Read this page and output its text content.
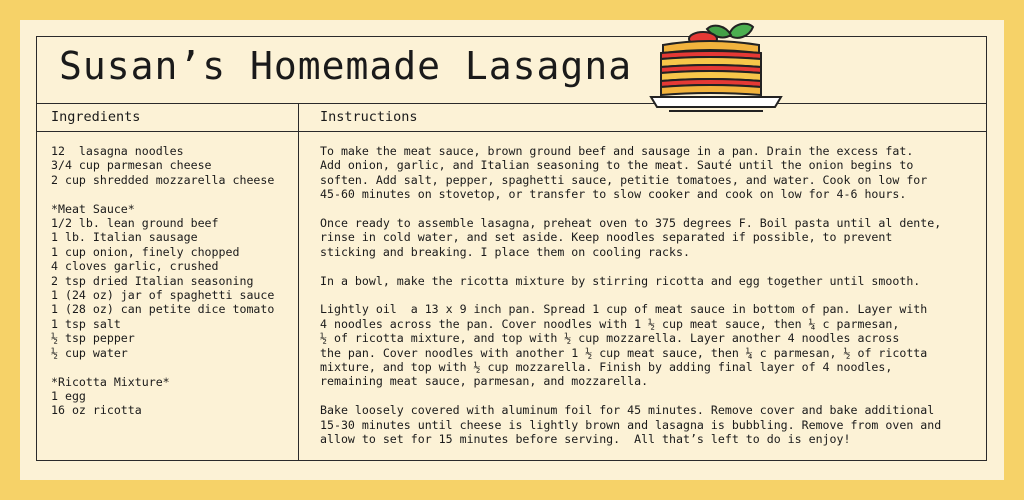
Susan’s Homemade Lasagna
Ingredients	Instructions
12  lasagna noodles
3/4 cup parmesan cheese
2 cup shredded mozzarella cheese

*Meat Sauce*
1/2 lb. lean ground beef
1 lb. Italian sausage
1 cup onion, finely chopped
4 cloves garlic, crushed
2 tsp dried Italian seasoning
1 (24 oz) jar of spaghetti sauce
1 (28 oz) can petite dice tomato
1 tsp salt
½ tsp pepper
½ cup water

*Ricotta Mixture*
1 egg
16 oz ricotta

To make the meat sauce, brown ground beef and sausage in a pan. Drain the excess fat.
Add onion, garlic, and Italian seasoning to the meat. Sauté until the onion begins to
soften. Add salt, pepper, spaghetti sauce, petitie tomatoes, and water. Cook on low for
45-60 minutes on stovetop, or transfer to slow cooker and cook on low for 4-6 hours.

Once ready to assemble lasagna, preheat oven to 375 degrees F. Boil pasta until al dente,
rinse in cold water, and set aside. Keep noodles separated if possible, to prevent
sticking and breaking. I place them on cooling racks.

In a bowl, make the ricotta mixture by stirring ricotta and egg together until smooth.

Lightly oil  a 13 x 9 inch pan. Spread 1 cup of meat sauce in bottom of pan. Layer with
4 noodles across the pan. Cover noodles with 1 ½ cup meat sauce, then ¼ c parmesan,
½ of ricotta mixture, and top with ½ cup mozzarella. Layer another 4 noodles across
the pan. Cover noodles with another 1 ½ cup meat sauce, then ¼ c parmesan, ½ of ricotta
mixture, and top with ½ cup mozzarella. Finish by adding final layer of 4 noodles,
remaining meat sauce, parmesan, and mozzarella.

Bake loosely covered with aluminum foil for 45 minutes. Remove cover and bake additional
15-30 minutes until cheese is lightly brown and lasagna is bubbling. Remove from oven and
allow to set for 15 minutes before serving.  All that’s left to do is enjoy!
